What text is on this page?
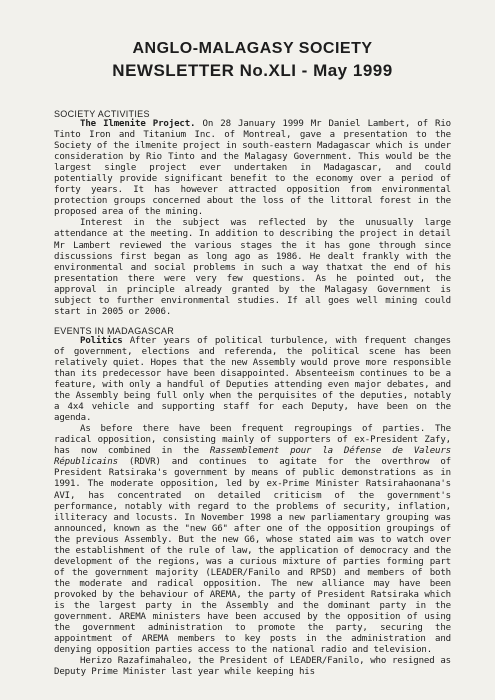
ANGLO-MALAGASY SOCIETY
NEWSLETTER No.XLI - May 1999
SOCIETY ACTIVITIES

The Ilmenite Project. On 28 January 1999 Mr Daniel Lambert, of Rio Tinto Iron and Titanium Inc. of Montreal, gave a presentation to the Society of the ilmenite project in south-eastern Madagascar which is under consideration by Rio Tinto and the Malagasy Government. This would be the largest single project ever undertaken in Madagascar, and could potentially provide significant benefit to the economy over a period of forty years. It has however attracted opposition from environmental protection groups concerned about the loss of the littoral forest in the proposed area of the mining.

Interest in the subject was reflected by the unusually large attendance at the meeting. In addition to describing the project in detail Mr Lambert reviewed the various stages the it has gone through since discussions first began as long ago as 1986. He dealt frankly with the environmental and social problems in such a way thatxat the end of his presentation there were very few questions. As he pointed out, the approval in principle already granted by the Malagasy Government is subject to further environmental studies. If all goes well mining could start in 2005 or 2006.

EVENTS IN MADAGASCAR

Politics After years of political turbulence, with frequent changes of government, elections and referenda, the political scene has been relatively quiet. Hopes that the new Assembly would prove more responsible than its predecessor have been disappointed. Absenteeism continues to be a feature, with only a handful of Deputies attending even major debates, and the Assembly being full only when the perquisites of the deputies, notably a 4x4 vehicle and supporting staff for each Deputy, have been on the agenda.

As before there have been frequent regroupings of parties. The radical opposition, consisting mainly of supporters of ex-President Zafy, has now combined in the Rassemblement pour la Défense de Valeurs Républicains (RDVR) and continues to agitate for the overthrow of President Ratsiraka's government by means of public demonstrations as in 1991. The moderate opposition, led by ex-Prime Minister Ratsirahaonana's AVI, has concentrated on detailed criticism of the government's performance, notably with regard to the problems of security, inflation, illiteracy and locusts. In November 1998 a new parliamentary grouping was announced, known as the "new G6" after one of the opposition groupings of the previous Assembly. But the new G6, whose stated aim was to watch over the establishment of the rule of law, the application of democracy and the development of the regions, was a curious mixture of parties forming part of the government majority (LEADER/Fanilo and RPSD) and members of both the moderate and radical opposition. The new alliance may have been provoked by the behaviour of AREMA, the party of President Ratsiraka which is the largest party in the Assembly and the dominant party in the government. AREMA ministers have been accused by the opposition of using the government administration to promote the party, securing the appointment of AREMA members to key posts in the administration and denying opposition parties access to the national radio and television.

Herizo Razafimahaleo, the President of LEADER/Fanilo, who resigned as Deputy Prime Minister last year while keeping his
